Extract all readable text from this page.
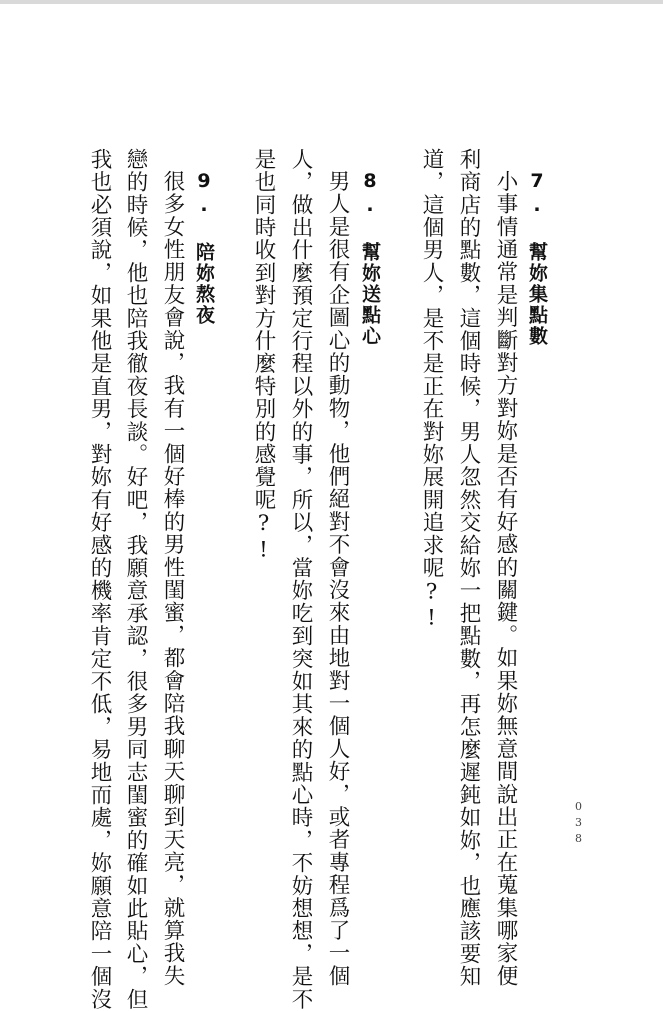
7. 幫妳集點數
小事情通常是判斷對方對妳是否有好感的關鍵。如果妳無意間說出正在蒐集哪家便
利商店的點數，這個時候，男人忽然交給妳一把點數，再怎麼遲鈍如妳，也應該要知
道，這個男人，是不是正在對妳展開追求呢?!
8. 幫妳送點心
男人是很有企圖心的動物，他們絕對不會沒來由地對一個人好，或者專程爲了一個
人，做出什麼預定行程以外的事，所以，當妳吃到突如其來的點心時，不妨想想，是不
是也同時收到對方什麼特別的感覺呢?!
9. 陪妳熬夜
很多女性朋友會說，我有一個好棒的男性閨蜜，都會陪我聊天聊到天亮，就算我失
戀的時候，他也陪我徹夜長談。好吧，我願意承認，很多男同志閨蜜的確如此貼心，但
我也必須說，如果他是直男，對妳有好感的機率肯定不低，易地而處，妳願意陪一個沒	038
